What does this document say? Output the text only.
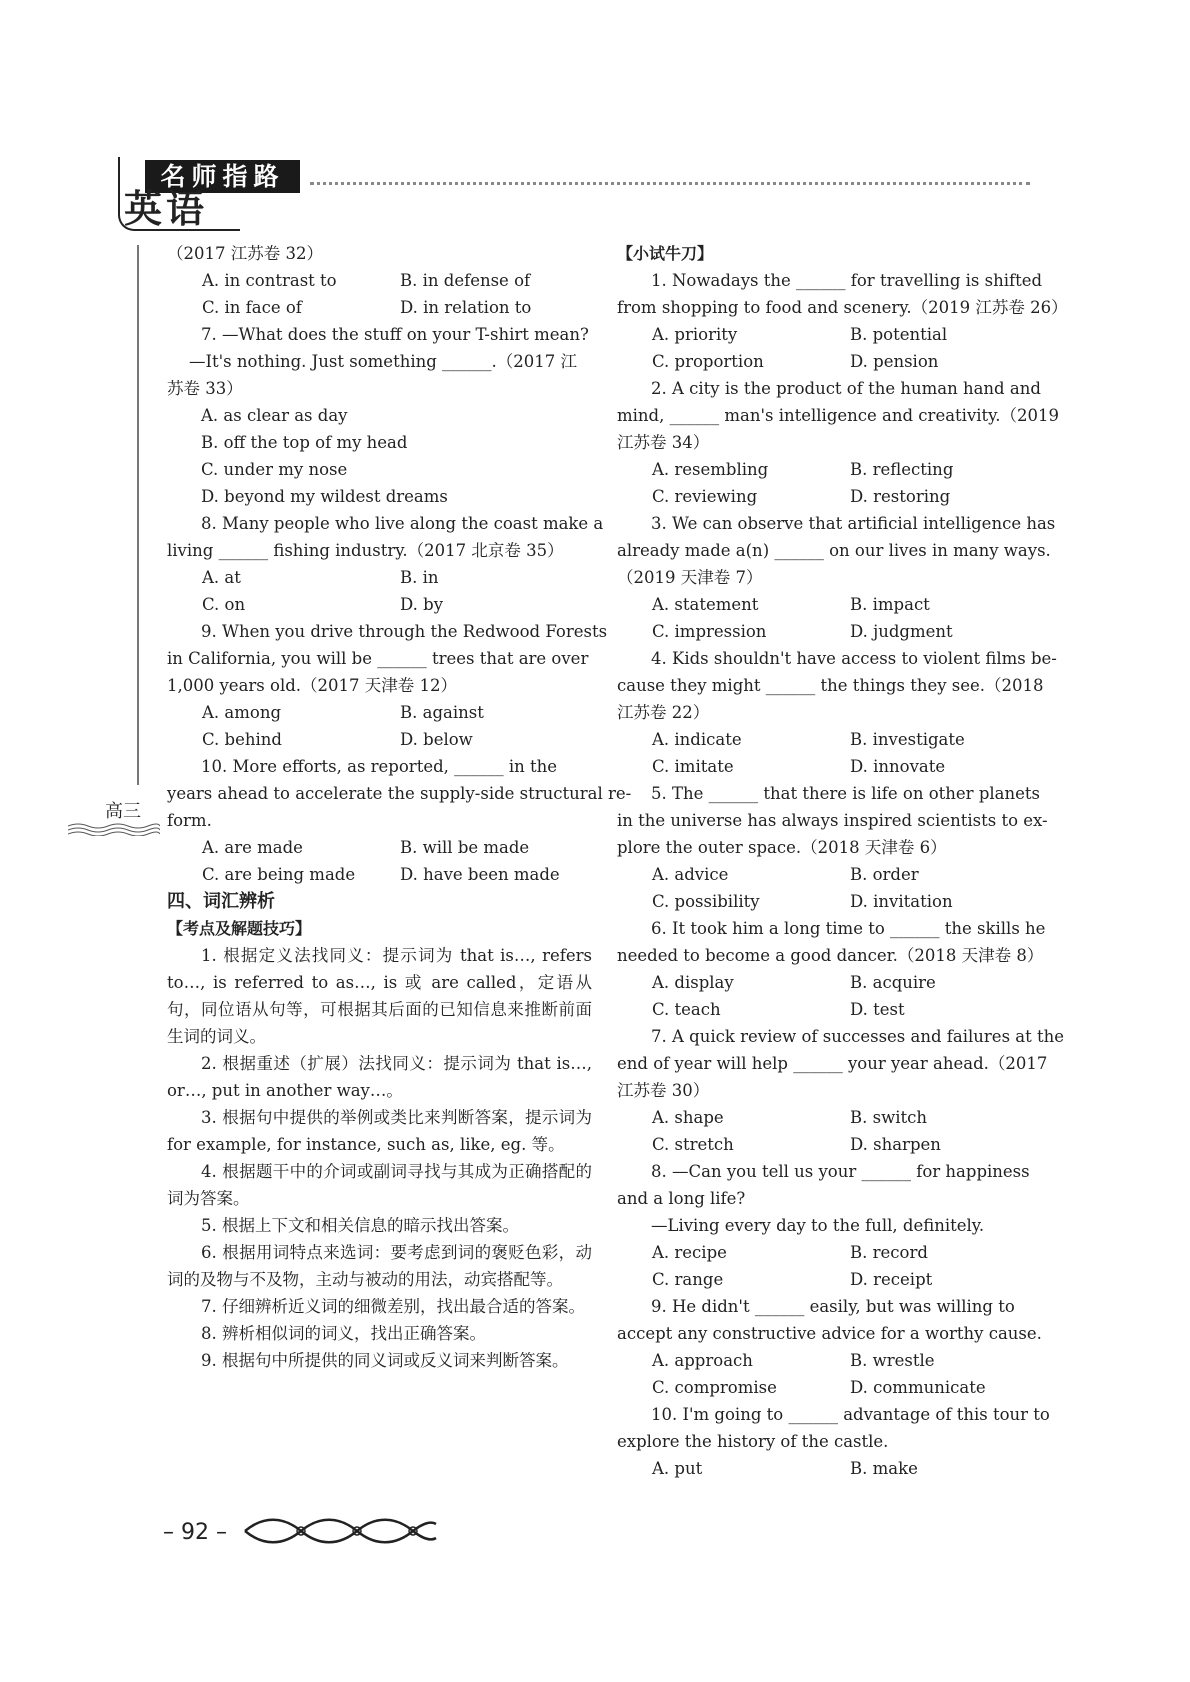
名师指路
英语
高三
（2017 江苏卷 32）
A. in contrast to	B. in defense of
C. in face of	D. in relation to
7. —What does the stuff on your T-shirt mean?
—It's nothing. Just something ______.（2017 江
苏卷 33）
A. as clear as day
B. off the top of my head
C. under my nose
D. beyond my wildest dreams
8. Many people who live along the coast make a
living ______ fishing industry.（2017 北京卷 35）
A. at	B. in
C. on	D. by
9. When you drive through the Redwood Forests
in California, you will be ______ trees that are over
1,000 years old.（2017 天津卷 12）
A. among	B. against
C. behind	D. below
10. More efforts, as reported, ______ in the
years ahead to accelerate the supply-side structural re-
form.
A. are made	B. will be made
C. are being made	D. have been made
四、词汇辨析
【考点及解题技巧】
1. 根据定义法找同义：提示词为 that is…, refers to…, is referred to as…, is 或 are called，定语从句，同位语从句等，可根据其后面的已知信息来推断前面生词的词义。
2. 根据重述（扩展）法找同义：提示词为 that is…, or…, put in another way…。
3. 根据句中提供的举例或类比来判断答案，提示词为 for example, for instance, such as, like, eg. 等。
4. 根据题干中的介词或副词寻找与其成为正确搭配的词为答案。
5. 根据上下文和相关信息的暗示找出答案。
6. 根据用词特点来选词：要考虑到词的褒贬色彩，动词的及物与不及物，主动与被动的用法，动宾搭配等。
7. 仔细辨析近义词的细微差别，找出最合适的答案。
8. 辨析相似词的词义，找出正确答案。
9. 根据句中所提供的同义词或反义词来判断答案。
【小试牛刀】
1. Nowadays the ______ for travelling is shifted
from shopping to food and scenery.（2019 江苏卷 26）
A. priority	B. potential
C. proportion	D. pension
2. A city is the product of the human hand and
mind, ______ man's intelligence and creativity.（2019
江苏卷 34）
A. resembling	B. reflecting
C. reviewing	D. restoring
3. We can observe that artificial intelligence has
already made a(n) ______ on our lives in many ways.
（2019 天津卷 7）
A. statement	B. impact
C. impression	D. judgment
4. Kids shouldn't have access to violent films be-
cause they might ______ the things they see.（2018
江苏卷 22）
A. indicate	B. investigate
C. imitate	D. innovate
5. The ______ that there is life on other planets
in the universe has always inspired scientists to ex-
plore the outer space.（2018 天津卷 6）
A. advice	B. order
C. possibility	D. invitation
6. It took him a long time to ______ the skills he
needed to become a good dancer.（2018 天津卷 8）
A. display	B. acquire
C. teach	D. test
7. A quick review of successes and failures at the
end of year will help ______ your year ahead.（2017
江苏卷 30）
A. shape	B. switch
C. stretch	D. sharpen
8. —Can you tell us your ______ for happiness
and a long life?
—Living every day to the full, definitely.
A. recipe	B. record
C. range	D. receipt
9. He didn't ______ easily, but was willing to
accept any constructive advice for a worthy cause.
A. approach	B. wrestle
C. compromise	D. communicate
10. I'm going to ______ advantage of this tour to
explore the history of the castle.
A. put	B. make
– 92 –
